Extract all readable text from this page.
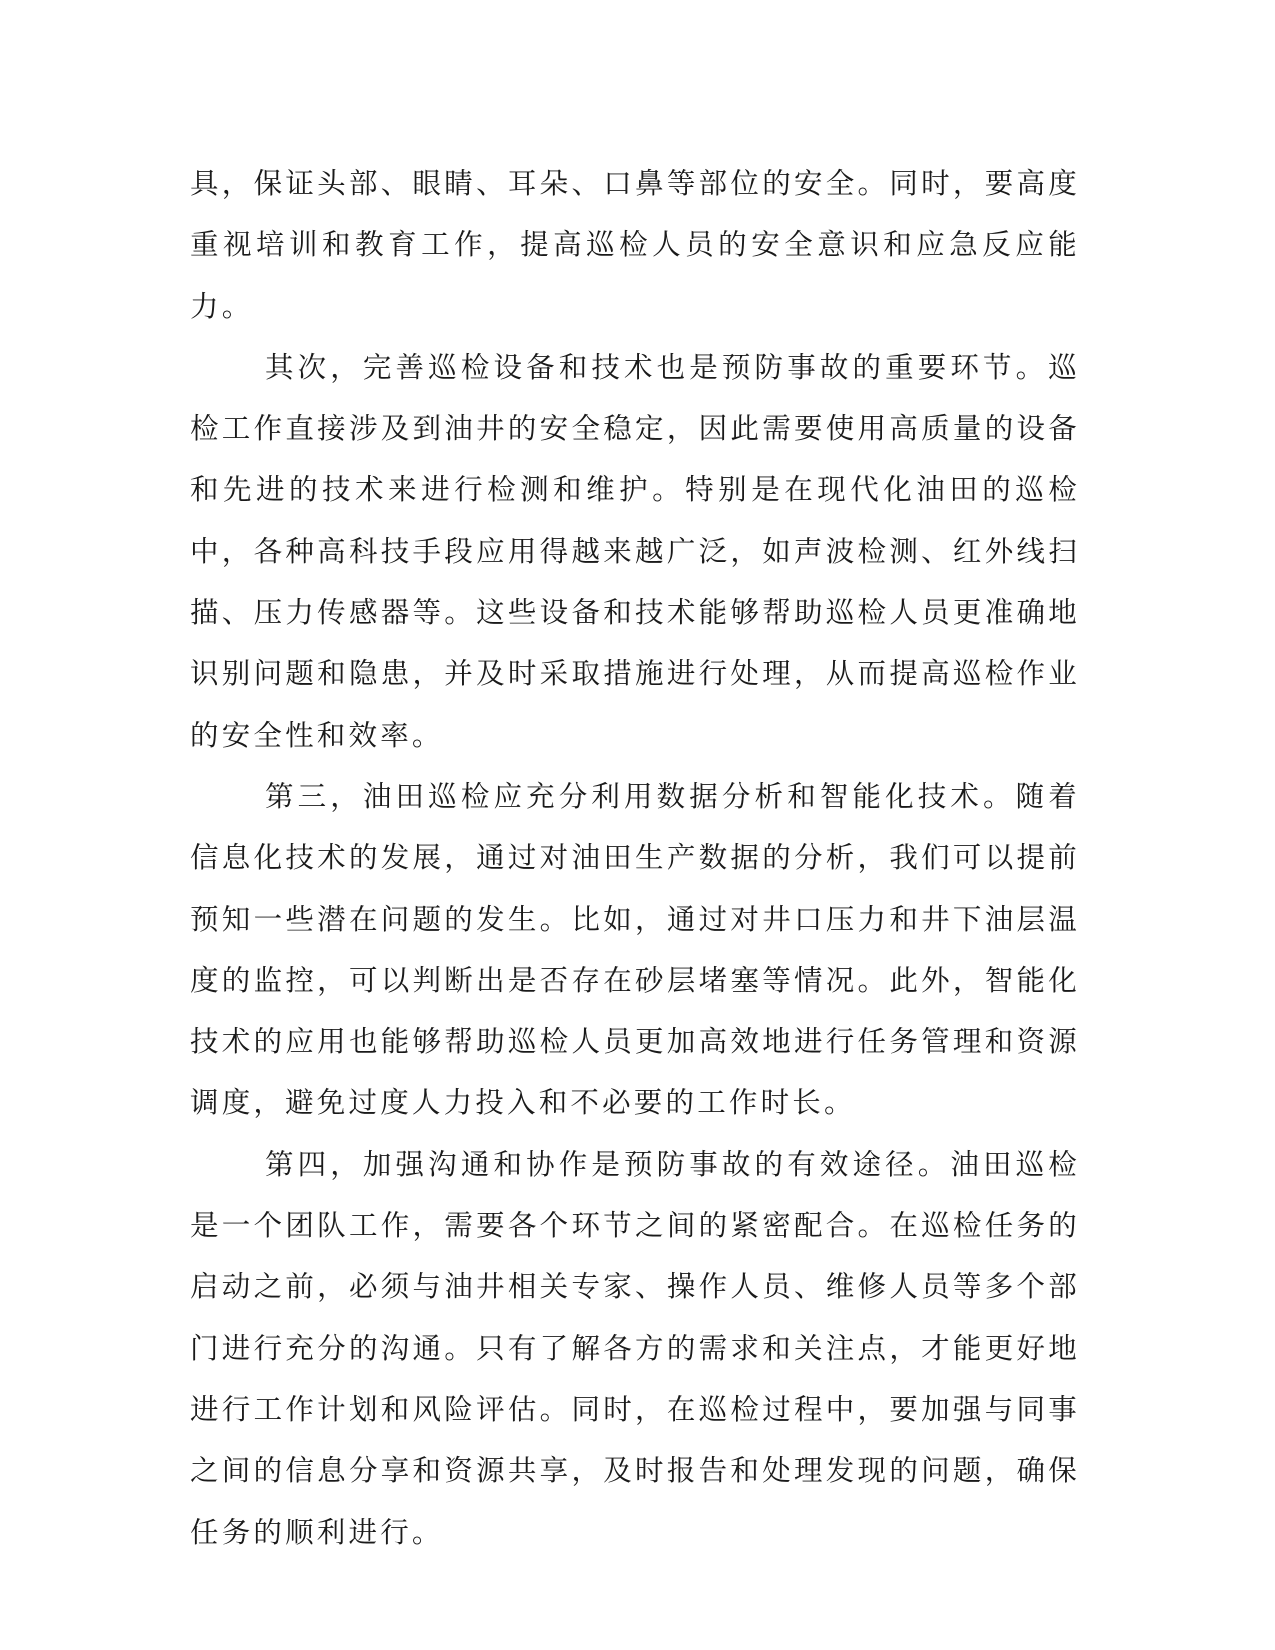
具，保证头部、眼睛、耳朵、口鼻等部位的安全。同时，要高度重视培训和教育工作，提高巡检人员的安全意识和应急反应能力。

其次，完善巡检设备和技术也是预防事故的重要环节。巡检工作直接涉及到油井的安全稳定，因此需要使用高质量的设备和先进的技术来进行检测和维护。特别是在现代化油田的巡检中，各种高科技手段应用得越来越广泛，如声波检测、红外线扫描、压力传感器等。这些设备和技术能够帮助巡检人员更准确地识别问题和隐患，并及时采取措施进行处理，从而提高巡检作业的安全性和效率。

第三，油田巡检应充分利用数据分析和智能化技术。随着信息化技术的发展，通过对油田生产数据的分析，我们可以提前预知一些潜在问题的发生。比如，通过对井口压力和井下油层温度的监控，可以判断出是否存在砂层堵塞等情况。此外，智能化技术的应用也能够帮助巡检人员更加高效地进行任务管理和资源调度，避免过度人力投入和不必要的工作时长。

第四，加强沟通和协作是预防事故的有效途径。油田巡检是一个团队工作，需要各个环节之间的紧密配合。在巡检任务的启动之前，必须与油井相关专家、操作人员、维修人员等多个部门进行充分的沟通。只有了解各方的需求和关注点，才能更好地进行工作计划和风险评估。同时，在巡检过程中，要加强与同事之间的信息分享和资源共享，及时报告和处理发现的问题，确保任务的顺利进行。
